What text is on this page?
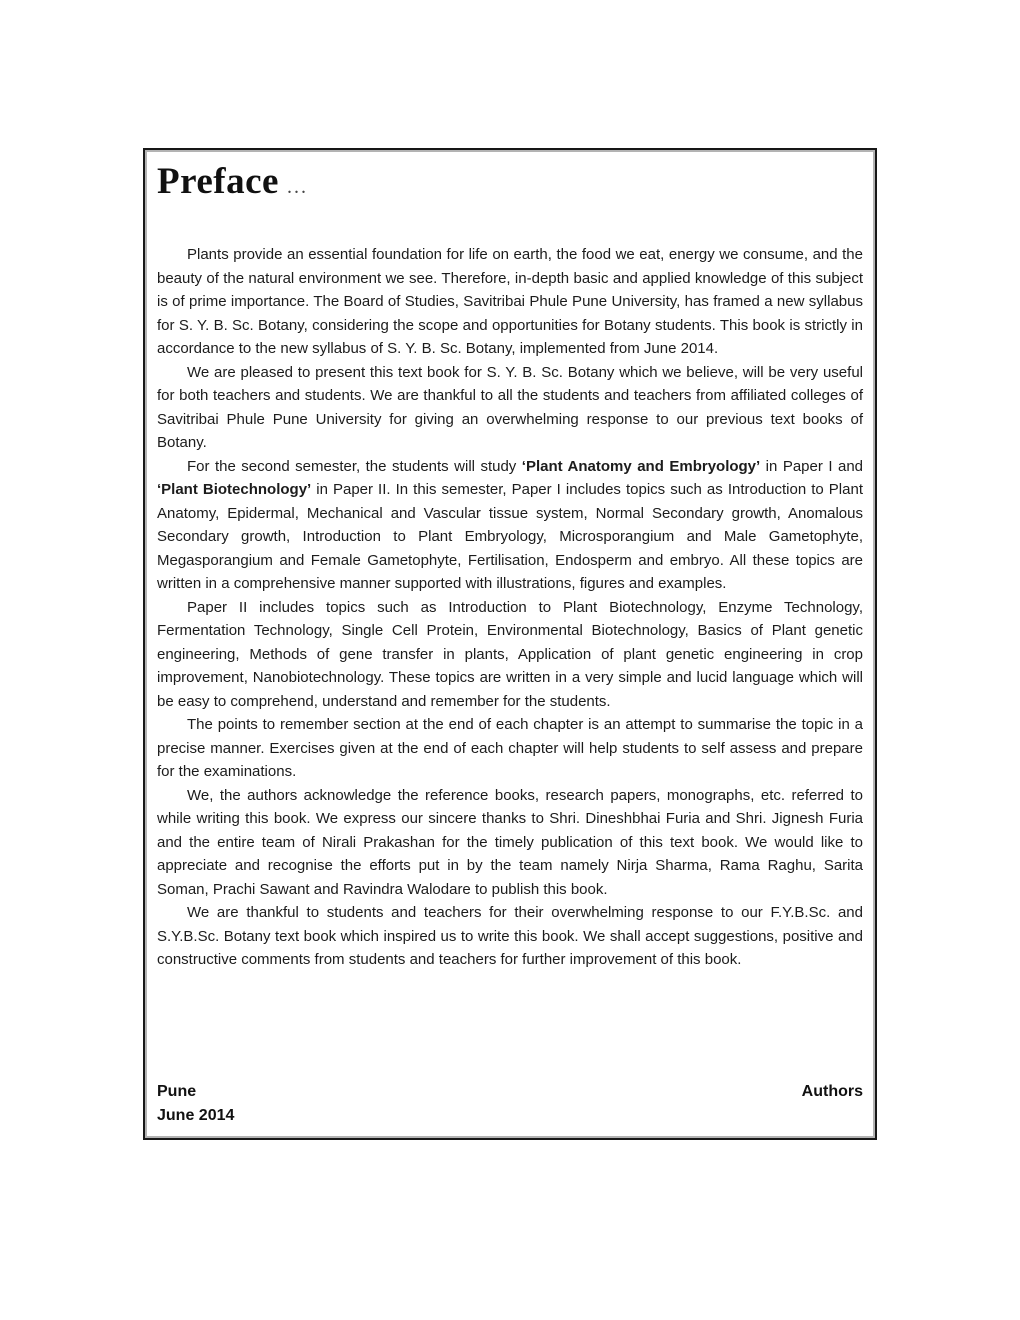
Preface ...

Plants provide an essential foundation for life on earth, the food we eat, energy we consume, and the beauty of the natural environment we see. Therefore, in-depth basic and applied knowledge of this subject is of prime importance. The Board of Studies, Savitribai Phule Pune University, has framed a new syllabus for S. Y. B. Sc. Botany, considering the scope and opportunities for Botany students. This book is strictly in accordance to the new syllabus of S. Y. B. Sc. Botany, implemented from June 2014.

We are pleased to present this text book for S. Y. B. Sc. Botany which we believe, will be very useful for both teachers and students. We are thankful to all the students and teachers from affiliated colleges of Savitribai Phule Pune University for giving an overwhelming response to our previous text books of Botany.

For the second semester, the students will study ‘Plant Anatomy and Embryology’ in Paper I and ‘Plant Biotechnology’ in Paper II. In this semester, Paper I includes topics such as Introduction to Plant Anatomy, Epidermal, Mechanical and Vascular tissue system, Normal Secondary growth, Anomalous Secondary growth, Introduction to Plant Embryology, Microsporangium and Male Gametophyte, Megasporangium and Female Gametophyte, Fertilisation, Endosperm and embryo. All these topics are written in a comprehensive manner supported with illustrations, figures and examples.

Paper II includes topics such as Introduction to Plant Biotechnology, Enzyme Technology, Fermentation Technology, Single Cell Protein, Environmental Biotechnology, Basics of Plant genetic engineering, Methods of gene transfer in plants, Application of plant genetic engineering in crop improvement, Nanobiotechnology. These topics are written in a very simple and lucid language which will be easy to comprehend, understand and remember for the students.

The points to remember section at the end of each chapter is an attempt to summarise the topic in a precise manner. Exercises given at the end of each chapter will help students to self assess and prepare for the examinations.

We, the authors acknowledge the reference books, research papers, monographs, etc. referred to while writing this book. We express our sincere thanks to Shri. Dineshbhai Furia and Shri. Jignesh Furia and the entire team of Nirali Prakashan for the timely publication of this text book. We would like to appreciate and recognise the efforts put in by the team namely Nirja Sharma, Rama Raghu, Sarita Soman, Prachi Sawant and Ravindra Walodare to publish this book.

We are thankful to students and teachers for their overwhelming response to our F.Y.B.Sc. and S.Y.B.Sc. Botany text book which inspired us to write this book. We shall accept suggestions, positive and constructive comments from students and teachers for further improvement of this book.

Pune
June 2014
Authors
